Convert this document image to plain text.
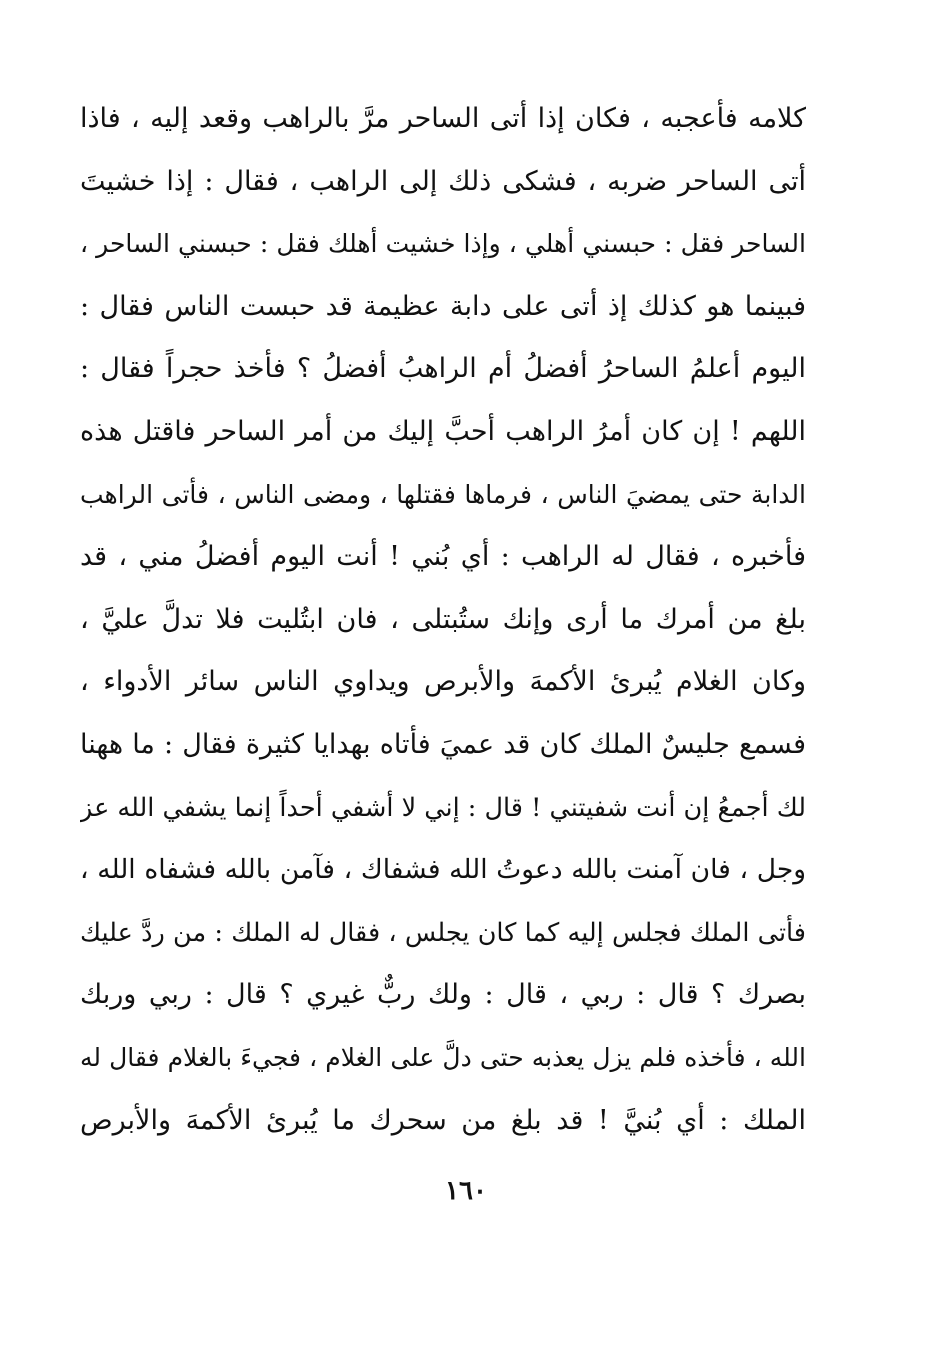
كلامه فأعجبه ، فكان إذا أتى الساحر مرَّ بالراهب وقعد إليه ، فاذا
أتى الساحر ضربه ، فشكى ذلك إلى الراهب ، فقال : إذا خشيتَ
الساحر فقل : حبسني أهلي ، وإذا خشيت أهلك فقل : حبسني الساحر ،
فبينما هو كذلك إذ أتى على دابة عظيمة قد حبست الناس فقال :
اليوم أعلمُ الساحرُ أفضلُ أم الراهبُ أفضلُ ؟ فأخذ حجراً فقال :
اللهم ! إن كان أمرُ الراهب أحبَّ إليك من أمر الساحر فاقتل هذه
الدابة حتى يمضيَ الناس ، فرماها فقتلها ، ومضى الناس ، فأتى الراهب
فأخبره ، فقال له الراهب : أي بُني ! أنت اليوم أفضلُ مني ، قد
بلغ من أمرك ما أرى وإنك ستُبتلى ، فان ابتُليت فلا تدلَّ عليَّ ،
وكان الغلام يُبرئ الأكمهَ والأبرص ويداوي الناس سائر الأدواء ،
فسمع جليسٌ الملك كان قد عميَ فأتاه بهدايا كثيرة فقال : ما ههنا
لك أجمعُ إن أنت شفيتني ! قال : إني لا أشفي أحداً إنما يشفي الله عز
وجل ، فان آمنت بالله دعوتُ الله فشفاك ، فآمن بالله فشفاه الله ،
فأتى الملك فجلس إليه كما كان يجلس ، فقال له الملك : من ردَّ عليك
بصرك ؟ قال : ربي ، قال : ولك ربٌّ غيري ؟ قال : ربي وربك
الله ، فأخذه فلم يزل يعذبه حتى دلَّ على الغلام ، فجيءَ بالغلام فقال له
الملك : أي بُنيَّ ! قد بلغ من سحرك ما يُبرئ الأكمهَ والأبرص
١٦٠
